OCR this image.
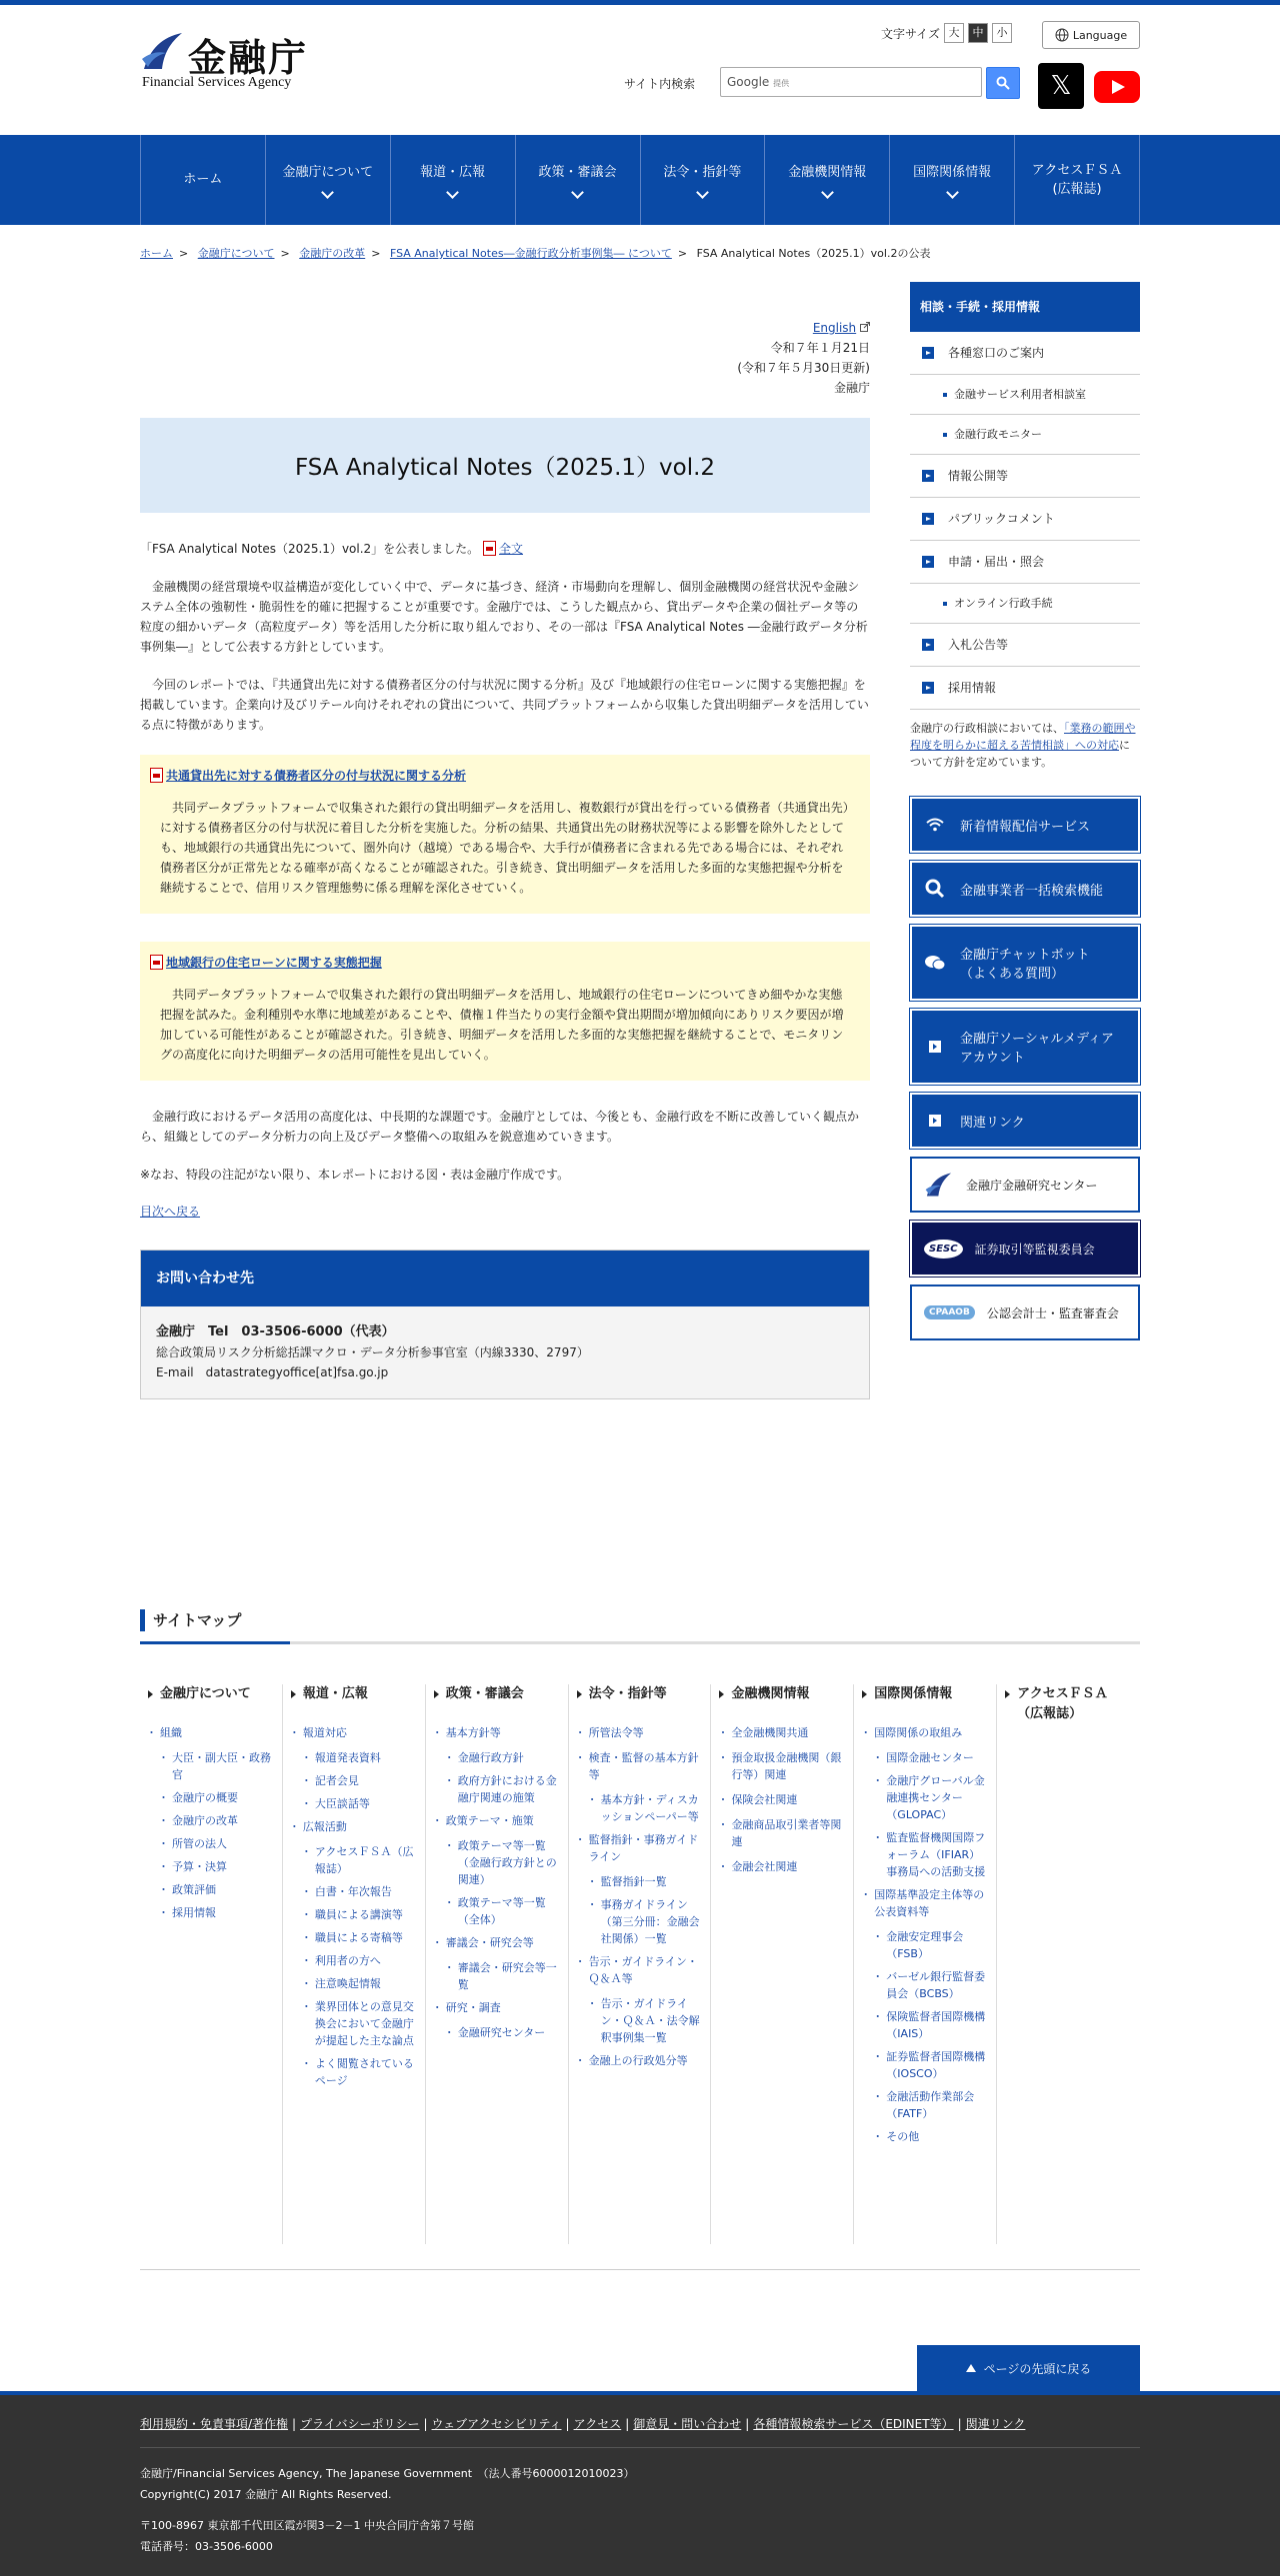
金融庁
Financial Services Agency
文字サイズ 大	中	小	Language
サイト内検索	Google 提供	𝕏
ホーム	金融庁について	報道・広報	政策・審議会	法令・指針等	金融機関情報	国際関係情報	アクセスＦＳＡ
(広報誌)
ホーム > 金融庁について > 金融庁の改革 > FSA Analytical Notes―金融行政分析事例集― について > FSA Analytical Notes（2025.1）vol.2の公表
English
令和７年１月21日
(令和７年５月30日更新)
金融庁
FSA Analytical Notes（2025.1）vol.2
「FSA Analytical Notes（2025.1）vol.2」を公表しました。 全文
　金融機関の経営環境や収益構造が変化していく中で、データに基づき、経済・市場動向を理解し、個別金融機関の経営状況や金融システム全体の強靭性・脆弱性を的確に把握することが重要です。金融庁では、こうした観点から、貸出データや企業の個社データ等の粒度の細かいデータ（高粒度データ）等を活用した分析に取り組んでおり、その一部は『FSA Analytical Notes ―金融行政データ分析事例集―』として公表する方針としています。
　今回のレポートでは、『共通貸出先に対する債務者区分の付与状況に関する分析』及び『地域銀行の住宅ローンに関する実態把握』を掲載しています。企業向け及びリテール向けそれぞれの貸出について、共同プラットフォームから収集した貸出明細データを活用している点に特徴があります。
共通貸出先に対する債務者区分の付与状況に関する分析
　共同データプラットフォームで収集された銀行の貸出明細データを活用し、複数銀行が貸出を行っている債務者（共通貸出先）に対する債務者区分の付与状況に着目した分析を実施した。分析の結果、共通貸出先の財務状況等による影響を除外したとしても、地域銀行の共通貸出先について、圏外向け（越境）である場合や、大手行が債務者に含まれる先である場合には、それぞれ債務者区分が正常先となる確率が高くなることが確認された。引き続き、貸出明細データを活用した多面的な実態把握や分析を継続することで、信用リスク管理態勢に係る理解を深化させていく。
地域銀行の住宅ローンに関する実態把握
　共同データプラットフォームで収集された銀行の貸出明細データを活用し、地域銀行の住宅ローンについてきめ細やかな実態把握を試みた。金利種別や水準に地域差があることや、債権１件当たりの実行金額や貸出期間が増加傾向にありリスク要因が増加している可能性があることが確認された。引き続き、明細データを活用した多面的な実態把握を継続することで、モニタリングの高度化に向けた明細データの活用可能性を見出していく。
　金融行政におけるデータ活用の高度化は、中長期的な課題です。金融庁としては、今後とも、金融行政を不断に改善していく観点から、組織としてのデータ分析力の向上及びデータ整備への取組みを鋭意進めていきます。
※なお、特段の注記がない限り、本レポートにおける図・表は金融庁作成です。
目次へ戻る
お問い合わせ先
金融庁　Tel　03-3506-6000（代表）
総合政策局リスク分析総括課マクロ・データ分析参事官室（内線3330、2797）
E-mail　datastrategyoffice[at]fsa.go.jp
相談・手続・採用情報
各種窓口のご案内
金融サービス利用者相談室
金融行政モニター
情報公開等
パブリックコメント
申請・届出・照会
オンライン行政手続
入札公告等
採用情報
金融庁の行政相談においては、「業務の範囲や程度を明らかに超える苦情相談」への対応について方針を定めています。
新着情報配信サービス
金融事業者一括検索機能
金融庁チャットボット
（よくある質問）
金融庁ソーシャルメディア
アカウント
関連リンク
金融庁金融研究センター
SESC	証券取引等監視委員会
CPAAOB	公認会計士・監査審査会
サイトマップ
金融庁について
・ 組織
・ 大臣・副大臣・政務官
・ 金融庁の概要
・ 金融庁の改革
・ 所管の法人
・ 予算・決算
・ 政策評価
・ 採用情報
報道・広報
・ 報道対応
・ 報道発表資料
・ 記者会見
・ 大臣談話等
・ 広報活動
・ アクセスＦＳＡ（広報誌）
・ 白書・年次報告
・ 職員による講演等
・ 職員による寄稿等
・ 利用者の方へ
・ 注意喚起情報
・ 業界団体との意見交換会において金融庁が提起した主な論点
・ よく閲覧されているページ
政策・審議会
・ 基本方針等
・ 金融行政方針
・ 政府方針における金融庁関連の施策
・ 政策テーマ・施策
・ 政策テーマ等一覧（金融行政方針との関連）
・ 政策テーマ等一覧（全体）
・ 審議会・研究会等
・ 審議会・研究会等一覧
・ 研究・調査
・ 金融研究センター
法令・指針等
・ 所管法令等
・ 検査・監督の基本方針等
・ 基本方針・ディスカッションペーパー等
・ 監督指針・事務ガイドライン
・ 監督指針一覧
・ 事務ガイドライン（第三分冊：金融会社関係）一覧
・ 告示・ガイドライン・Ｑ＆Ａ等
・ 告示・ガイドライン・Ｑ＆Ａ・法令解釈事例集一覧
・ 金融上の行政処分等
金融機関情報
・ 全金融機関共通
・ 預金取扱金融機関（銀行等）関連
・ 保険会社関連
・ 金融商品取引業者等関連
・ 金融会社関連
国際関係情報
・ 国際関係の取組み
・ 国際金融センター
・ 金融庁グローバル金融連携センター（GLOPAC）
・ 監査監督機関国際フォーラム（IFIAR）事務局への活動支援
・ 国際基準設定主体等の公表資料等
・ 金融安定理事会（FSB）
・ バーゼル銀行監督委員会（BCBS）
・ 保険監督者国際機構（IAIS）
・ 証券監督者国際機構（IOSCO）
・ 金融活動作業部会（FATF）
・ その他
アクセスＦＳＡ（広報誌）
ページの先頭に戻る
利用規約・免責事項/著作権 | プライバシーポリシー | ウェブアクセシビリティ | アクセス | 御意見・問い合わせ | 各種情報検索サービス（EDINET等） | 関連リンク
金融庁/Financial Services Agency, The Japanese Government　（法人番号6000012010023）
Copyright(C) 2017 金融庁 All Rights Reserved.
〒100-8967 東京都千代田区霞が関3－2－1 中央合同庁舎第７号館
電話番号：03-3506-6000
